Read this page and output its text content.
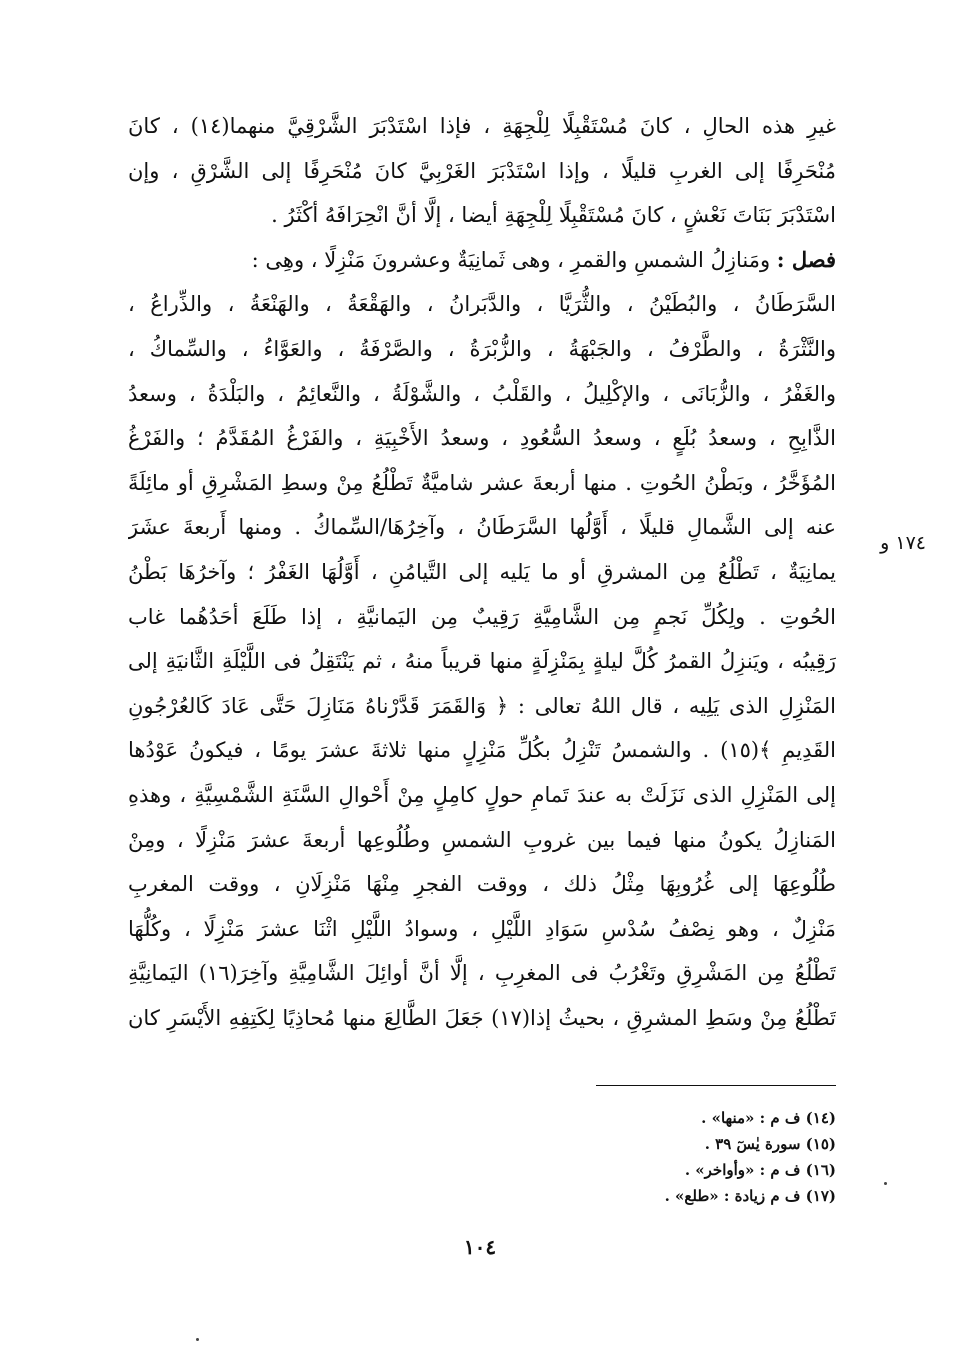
غيرِ هذه الحالِ ، كانَ مُسْتَقْبِلًا لِلْجِهَةِ ، فإذا اسْتَدْبَرَ الشَّرْقِيَّ منهما(١٤) ، كانَ
مُنْحَرِفًا إلى الغربِ قليلًا ، وإذا اسْتَدْبَرَ الغَرْبِيَّ كانَ مُنْحَرِفًا إلى الشَّرْقِ ، وإن
اسْتَدْبَرَ بَنَاتَ نَعْشٍ ، كانَ مُسْتَقْبِلًا لِلْجِهَةِ أيضا ، إلَّا أنَّ انْحِرَافَهُ أكْثَرُ .
فصل : ومَنازِلُ الشمسِ والقمرِ ، وهى ثَمانِيَةٌ وعشرونَ مَنْزِلًا ، وهِى :
السَّرَطَانُ ، والبُطَيْنُ ، والثُّرَيَّا ، والدَّبَرانُ ، والهَقْعَةُ ، والهَنْعَةُ ، والذِّراعُ ،
والنَّثْرَةُ ، والطَّرْفُ ، والجَبْهَةُ ، والزُّبْرَةُ ، والصَّرْفَةُ ، والعَوَّاءُ ، والسِّماكُ ،
والغَفْرُ ، والزُّبَانَى ، والإكْلِيلُ ، والقَلْبُ ، والشَّوْلَةُ ، والنَّعائِمُ ، والبَلْدَةُ ، وسعدُ
الذَّابِحِ ، وسعدُ بُلَعٍ ، وسعدُ السُّعُودِ ، وسعدُ الأَخْبِيَةِ ، والفَرْغُ المُقَدَّمُ ؛ والفَرْغُ
المُؤَخَّرُ ، وبَطْنُ الحُوتِ . منها أربعةَ عشر شاميَّةٌ تَطْلُعُ مِنْ وسطِ المَشْرِقِ أو مائِلَةً
عنه إلى الشَّمالِ قليلًا ، أَوَّلُها السَّرَطَانُ ، وآخِرُهَا/السِّماكُ . ومنها أَربعةَ عشَرَ
يمانِيَةٌ ، تَطْلُعُ مِن المشرقِ أو ما يَليه إلى التَّيامُنِ ، أَوَّلُهَا الغَفْرُ ؛ وآخرُهَا بَطْنُ
الحُوتِ . ولِكُلِّ نَجمٍ مِن الشَّامِيَّةِ رَقِيبٌ مِن اليَمانيَّةِ ، إذا طَلَعَ أحَدُهُما غاب
رَقِيبُه ، ويَنزِلُ القمرُ كُلَّ ليلةٍ بِمَنْزِلَةٍ منها قريباً منهُ ، ثم يَنْتَقِلُ فى اللَّيْلَةِ الثَّانيَةِ إلى
المَنْزِلِ الذى يَلِيه ، قال اللهُ تعالى : ﴿ وَالقَمَرَ قَدَّرْناهُ مَنَازِلَ حَتَّى عَادَ كَالعُرْجُونِ
القَدِيمِ ﴾(١٥) . والشمسُ تَنْزِلُ بكُلِّ مَنْزِلٍ منها ثلاثةَ عشرَ يومًا ، فيكونُ عَوْدُها
إلى المَنْزِلِ الذى نَزَلَتْ به عندَ تَمامِ حولٍ كامِلٍ مِنْ أَحْوالِ السَّنَةِ الشَّمْسِيَّةِ ، وهذهِ
المَنازِلُ يكونُ منها فيما بين غروبِ الشمسِ وطُلُوعِها أربعةَ عشرَ مَنْزِلًا ، ومِنْ
طُلُوعِهَا إلى غُرُوبِهَا مِثْلُ ذلك ، ووقت الفجرِ مِنْهَا مَنْزِلَانِ ، ووقت المغربِ
مَنْزِلٌ ، وهو نِصْفُ سُدْسِ سَوَادِ اللَّيْلِ ، وسوادُ اللَّيْلِ اثْنَا عشرَ مَنْزِلًا ، وكُلُّهَا
تَطْلُعُ مِن المَشْرِقِ وتَغْرُبُ فى المغرِبِ ، إلَّا أنَّ أوائِلَ الشَّامِيَّةِ وآخِرَ(١٦) اليَمانِيَّةِ
تَطْلُعُ مِنْ وسَطِ المشرِقِ ، بحيثُ إذا(١٧) جَعَلَ الطَّالِعَ منها مُحاذِيًا لِكَتِفِهِ الأَيْسَرِ كان
١٧٤ و
(١٤) ف م : «منها» .
(١٥) سورة يٰسٓ ٣٩ .
(١٦) ف م : «وأواخر» .
(١٧) ف م زيادة : «طلع» .
١٠٤
